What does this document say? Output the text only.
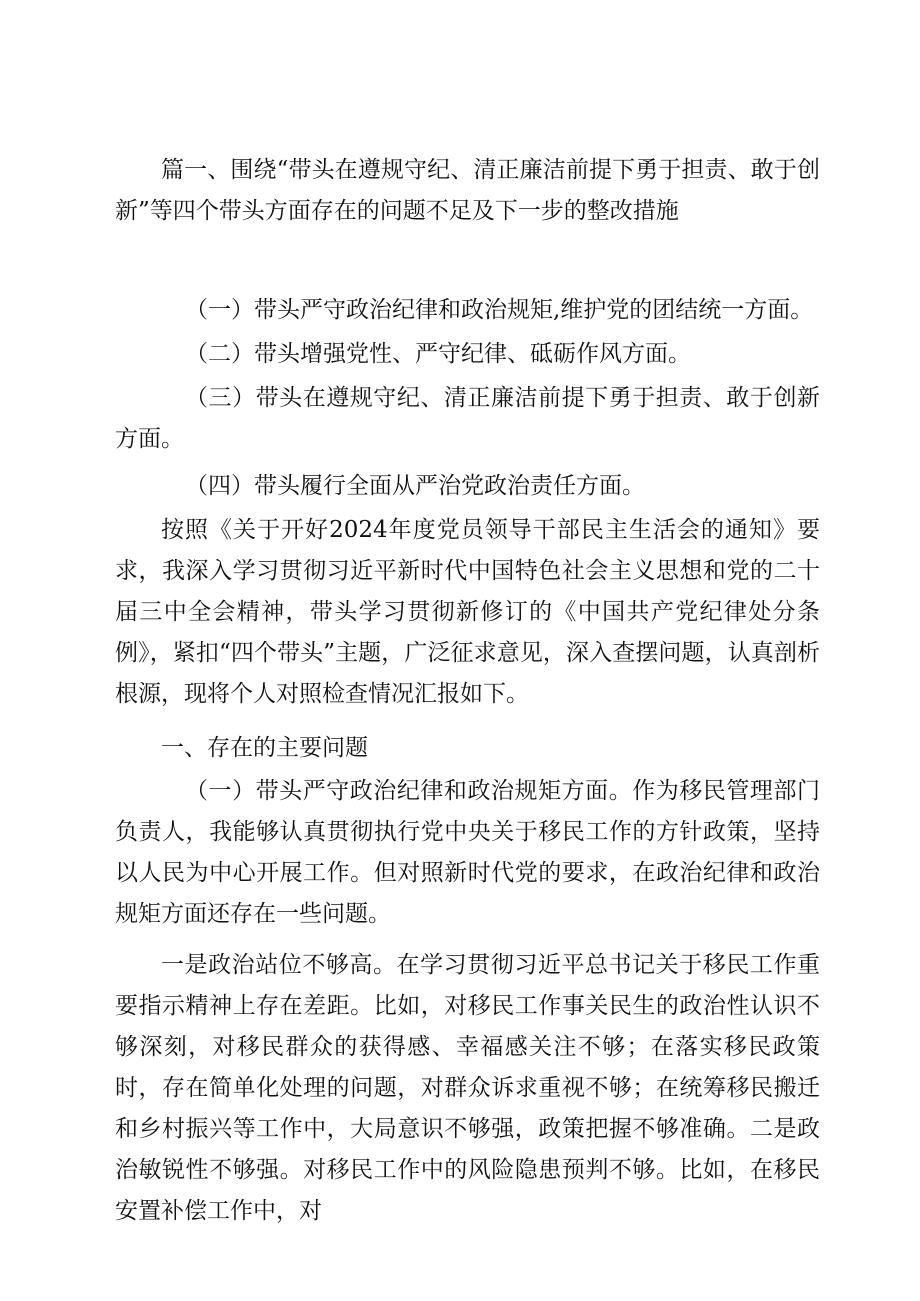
篇一、围绕“带头在遵规守纪、清正廉洁前提下勇于担责、敢于创新”等四个带头方面存在的问题不足及下一步的整改措施

（一）带头严守政治纪律和政治规矩,维护党的团结统一方面。

（二）带头增强党性、严守纪律、砥砺作风方面。

（三）带头在遵规守纪、清正廉洁前提下勇于担责、敢于创新方面。

（四）带头履行全面从严治党政治责任方面。

按照《关于开好2024年度党员领导干部民主生活会的通知》要求，我深入学习贯彻习近平新时代中国特色社会主义思想和党的二十届三中全会精神，带头学习贯彻新修订的《中国共产党纪律处分条例》，紧扣“四个带头”主题，广泛征求意见，深入查摆问题，认真剖析根源，现将个人对照检查情况汇报如下。

一、存在的主要问题

（一）带头严守政治纪律和政治规矩方面。作为移民管理部门负责人，我能够认真贯彻执行党中央关于移民工作的方针政策，坚持以人民为中心开展工作。但对照新时代党的要求，在政治纪律和政治规矩方面还存在一些问题。

一是政治站位不够高。在学习贯彻习近平总书记关于移民工作重要指示精神上存在差距。比如，对移民工作事关民生的政治性认识不够深刻，对移民群众的获得感、幸福感关注不够；在落实移民政策时，存在简单化处理的问题，对群众诉求重视不够；在统筹移民搬迁和乡村振兴等工作中，大局意识不够强，政策把握不够准确。二是政治敏锐性不够强。对移民工作中的风险隐患预判不够。比如，在移民安置补偿工作中，对
